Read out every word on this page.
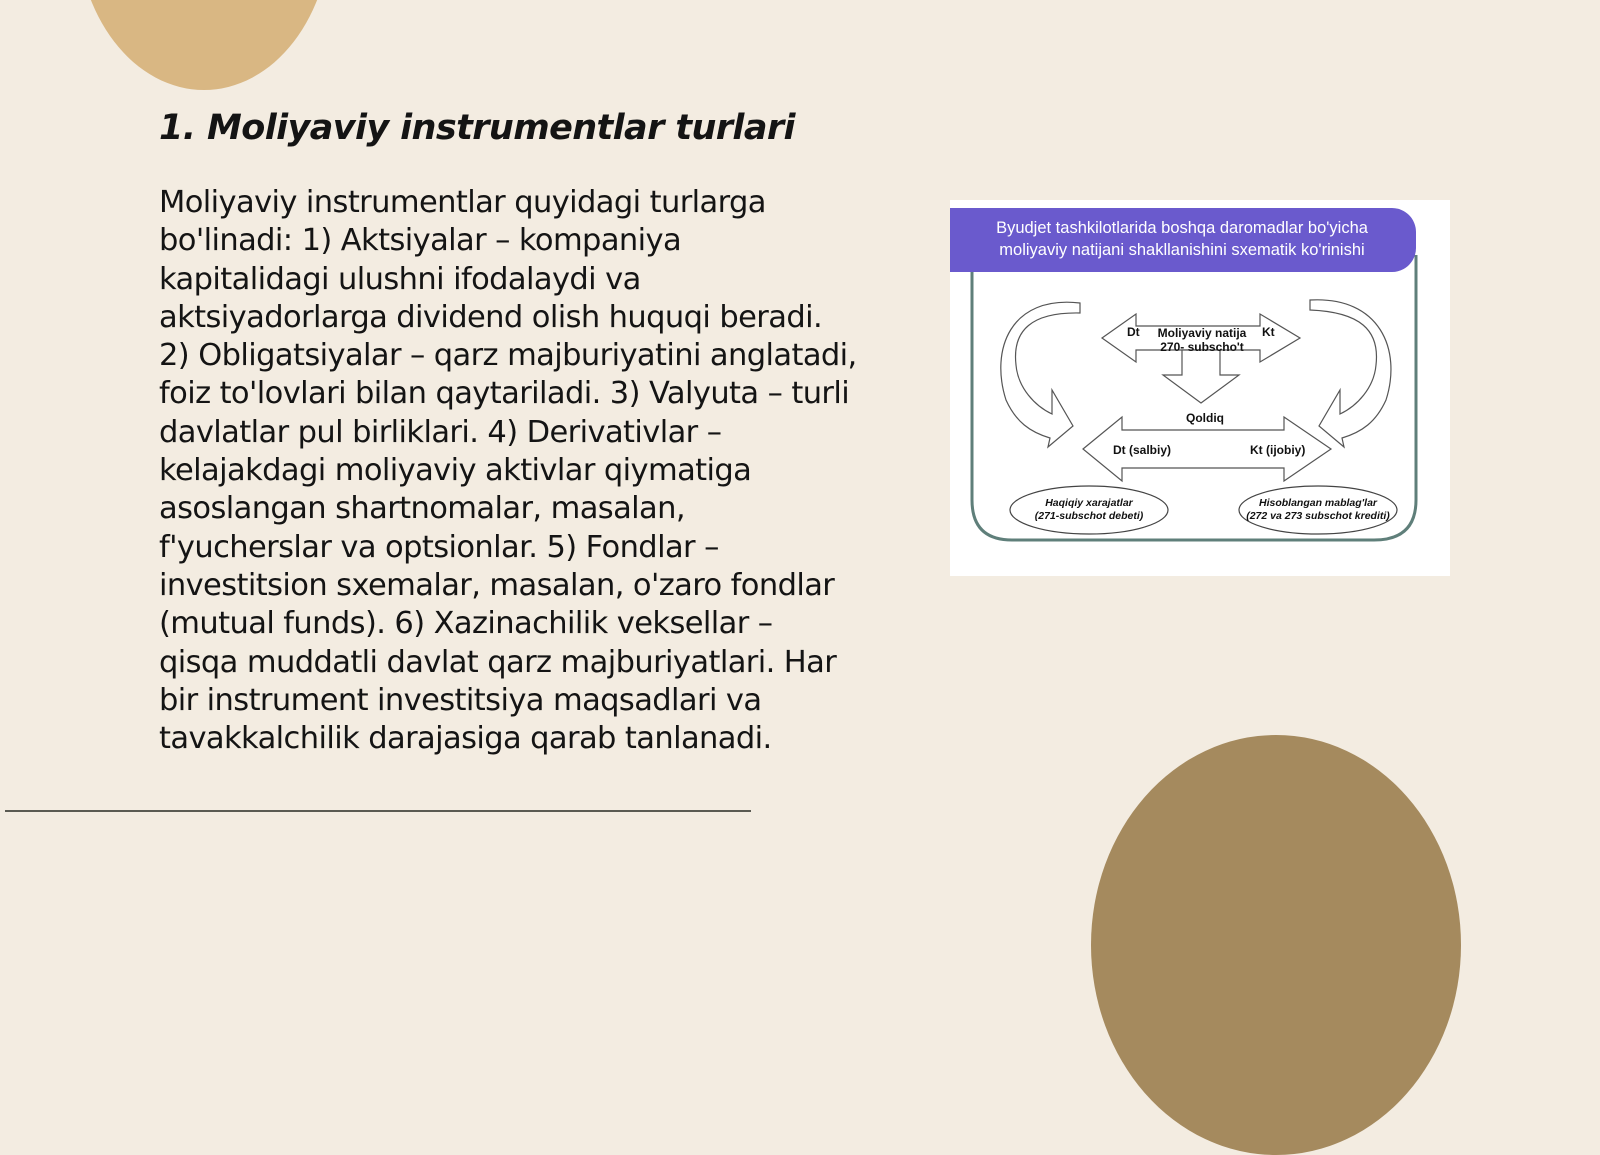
1. Moliyaviy instrumentlar turlari

Moliyaviy instrumentlar quyidagi turlarga bo'linadi: 1) Aktsiyalar – kompaniya kapitalidagi ulushni ifodalaydi va aktsiyadorlarga dividend olish huquqi beradi. 2) Obligatsiyalar – qarz majburiyatini anglatadi, foiz to'lovlari bilan qaytariladi. 3) Valyuta – turli davlatlar pul birliklari. 4) Derivativlar – kelajakdagi moliyaviy aktivlar qiymatiga asoslangan shartnomalar, masalan, f'yucherslar va optsionlar. 5) Fondlar – investitsion sxemalar, masalan, o'zaro fondlar (mutual funds). 6) Xazinachilik veksellar – qisqa muddatli davlat qarz majburiyatlari. Har bir instrument investitsiya maqsadlari va tavakkalchilik darajasiga qarab tanlanadi.

Byudjet tashkilotlarida boshqa daromadlar bo'yicha
moliyaviy natijani shakllanishini sxematik ko'rinishi
Dt	Moliyaviy natija
270- subscho't
Kt
Qoldiq
Dt (salbiy)	Kt (ijobiy)
Haqiqiy xarajatlar
(271-subschot debeti)
Hisoblangan mablag'lar
(272 va 273 subschot krediti)
